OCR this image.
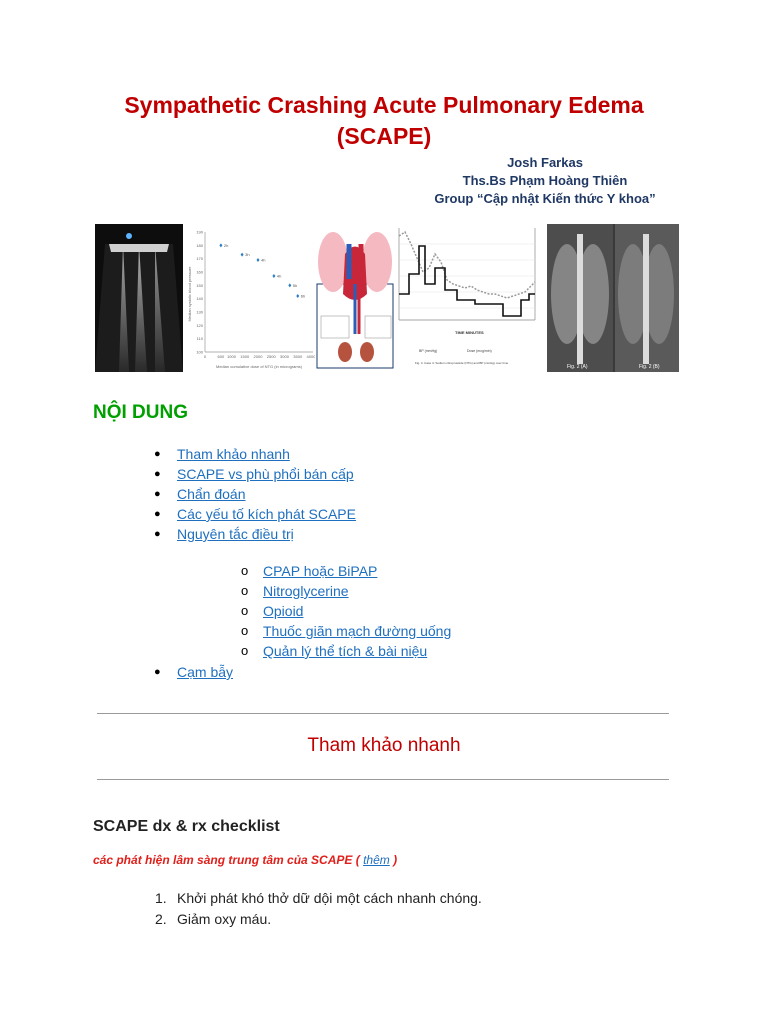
Sympathetic Crashing Acute Pulmonary Edema
(SCAPE)
Josh Farkas
Ths.Bs Phạm Hoàng Thiên
Group “Cập nhật Kiến thức Y khoa”
190
180
170
160
150
140
130
120
110
100
0	600 1000 1500 2000 2500 3000 3500 4000
2h
3h
4h
4h
5h
6h
Median systolic blood pressure
Median cumulative dose of NTG (in micrograms)
TIME MINUTES
BP (mmHg)	Dose (mcg/min)
Fig. 4. Case 4: Sodium nitroprusside (NTG) and BP (mmHg) over time
Fig. 2 (A)	Fig. 2 (B)
NỘI DUNG
● Tham khảo nhanh
● SCAPE vs phù phổi bán cấp
● Chẩn đoán
● Các yếu tố kích phát SCAPE
● Nguyên tắc điều trị
o CPAP hoặc BiPAP
o Nitroglycerine
o Opioid
o Thuốc giãn mạch đường uống
o Quản lý thể tích & bài niệu
● Cạm bẫy
Tham khảo nhanh
SCAPE dx & rx checklist
các phát hiện lâm sàng trung tâm của SCAPE ( thêm )
1. Khởi phát khó thở dữ dội một cách nhanh chóng.
2. Giảm oxy máu.
